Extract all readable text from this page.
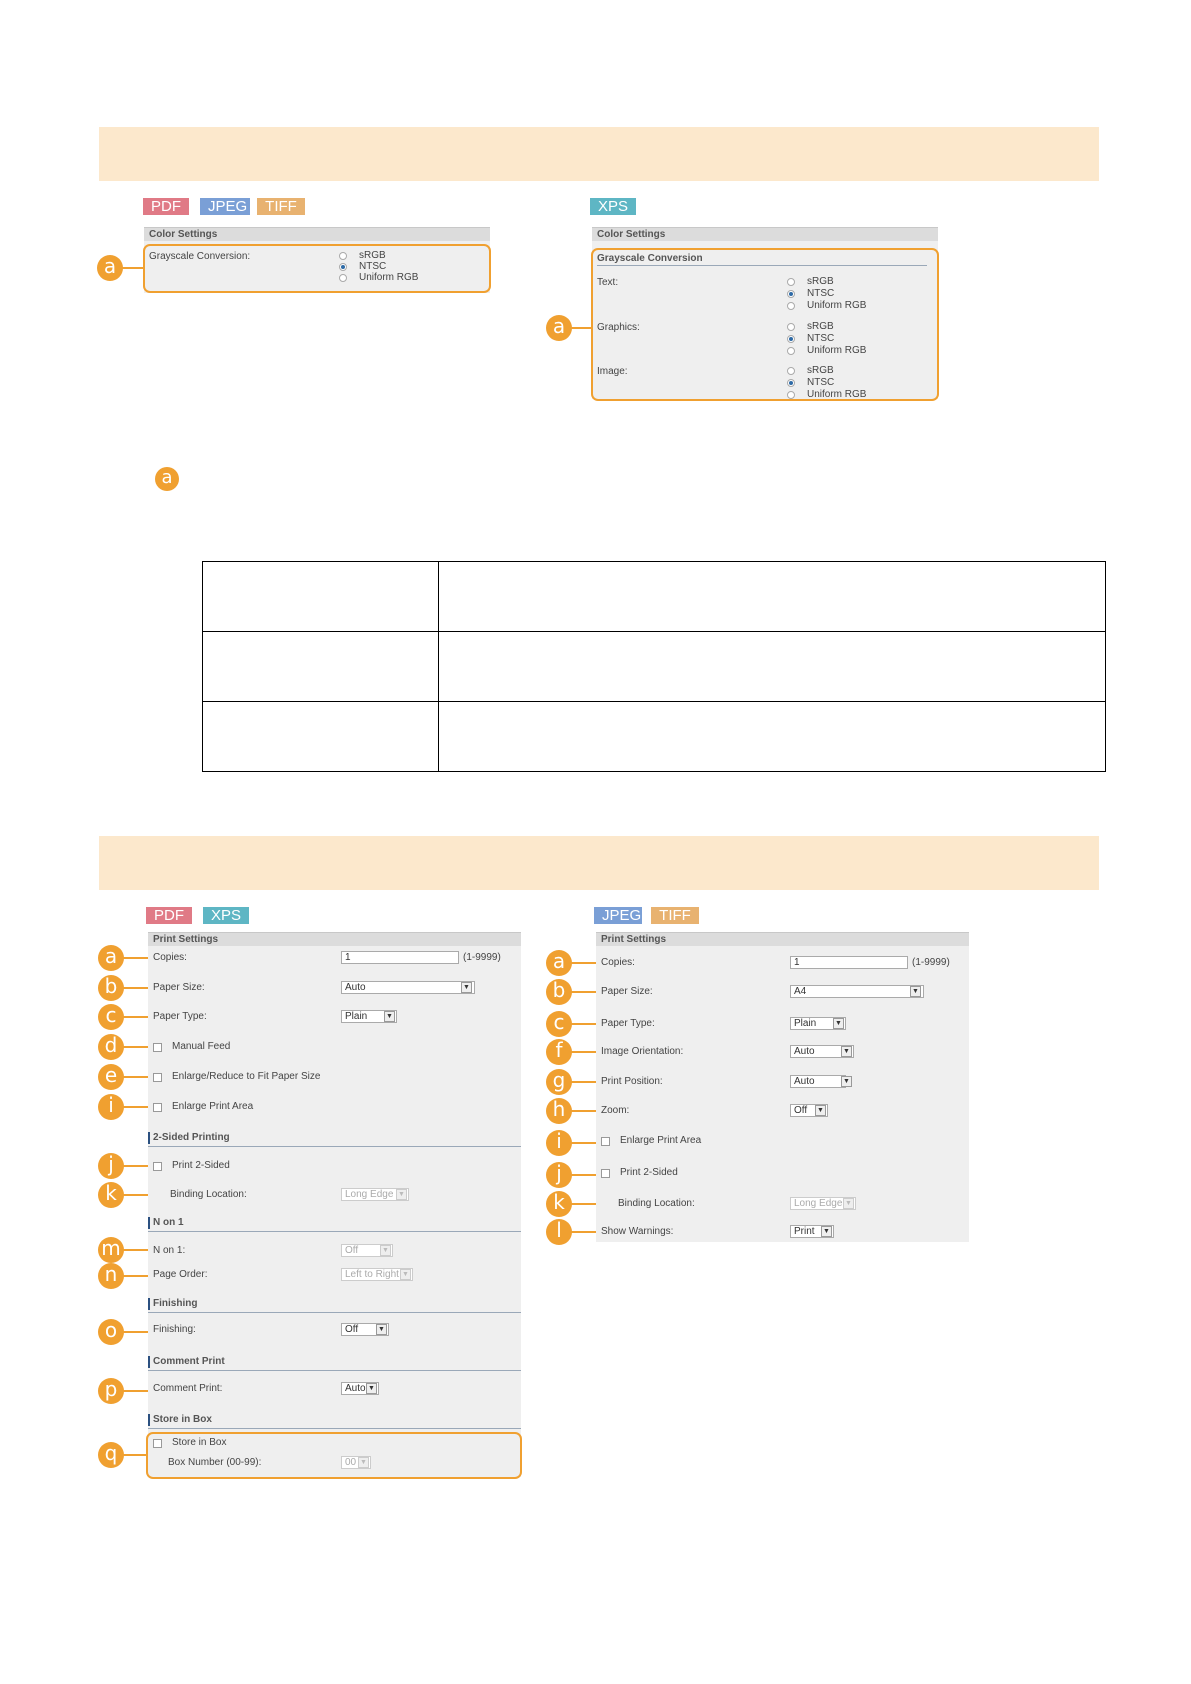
PDF	JPEG	TIFF	XPS
Color Settings
Grayscale Conversion:	sRGB
NTSC
Uniform RGB
a
Color Settings
Grayscale Conversion
Text:	sRGB
NTSC
Uniform RGB
Graphics:	sRGB
NTSC
Uniform RGB
Image:	sRGB
NTSC
Uniform RGB
a
a

PDF	XPS	JPEG	TIFF
Print Settings
Copies:	1	(1-9999)
Paper Size:	Auto	▼
Paper Type:	Plain	▼
Manual Feed
Enlarge/Reduce to Fit Paper Size
Enlarge Print Area
2-Sided Printing
Print 2-Sided
Binding Location:	Long Edge ▼
N on 1
N on 1:	Off	▼
Page Order:	Left to Right ▼
Finishing
Finishing:	Off	▼
Comment Print
Comment Print:	Auto ▼
Store in Box
Store in Box
Box Number (00-99):	00 ▼
a
b
c
d
e
i
j
k
m
n
o
p
q
Print Settings
Copies:	1	(1-9999)
Paper Size:	A4	▼
Paper Type:	Plain	▼
Image Orientation:	Auto	▼
Print Position:	Auto	▼
Zoom:	Off	▼
Enlarge Print Area
Print 2-Sided
Binding Location:	Long Edge ▼
Show Warnings:	Print	▼
a
b
c
f
g
h
i
j
k
l
